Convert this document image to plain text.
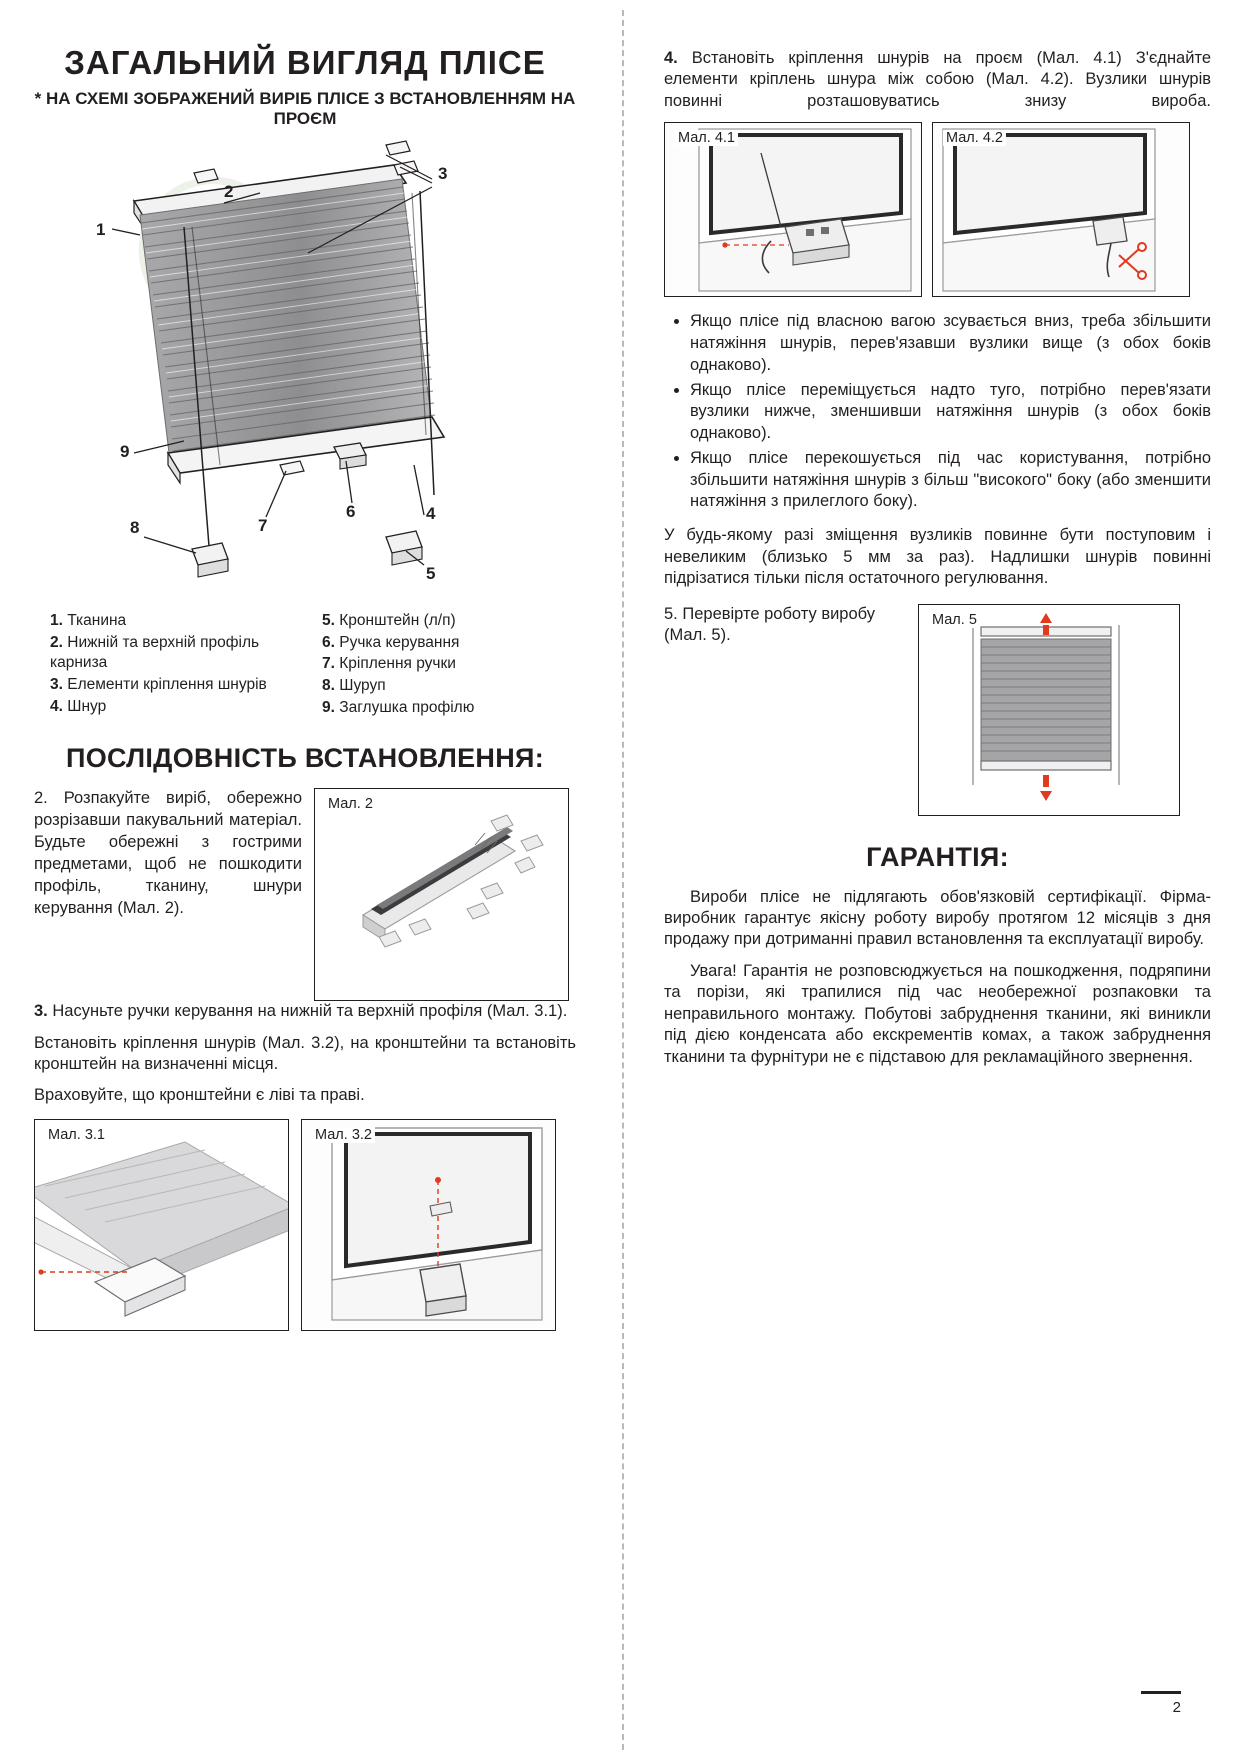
ЗАГАЛЬНИЙ ВИГЛЯД ПЛІСЕ
* НА СХЕМІ ЗОБРАЖЕНИЙ ВИРІБ ПЛІСЕ З ВСТАНОВЛЕННЯМ НА ПРОЄМ
1
2
3
9
8	7
6	4
5
1. Тканина
2. Нижній та верхній профіль карниза
3. Елементи кріплення шнурів
4. Шнур
5. Кронштейн (л/п)
6. Ручка керування
7. Кріплення ручки
8. Шуруп
9. Заглушка профілю
ПОСЛІДОВНІСТЬ ВСТАНОВЛЕННЯ:
2. Розпакуйте виріб, обережно розрізавши пакувальний матеріал. Будьте обережні з гострими предметами, щоб не пошкодити профіль, тканину, шнури керування (Мал. 2).
Мал. 2

3. Насуньте ручки керування на нижній та верхній профіля (Мал. 3.1).

Встановіть кріплення шнурів (Мал. 3.2), на кронштейни та встановіть кронштейн на визначенні місця.

Враховуйте, що кронштейни є ліві та праві.

Мал. 3.1	Мал. 3.2

4. Встановіть кріплення шнурів на проєм (Мал. 4.1) З'єднайте елементи кріплень шнура між собою (Мал. 4.2). Вузлики шнурів повинні розташовуватись знизу виробa.

Мал. 4.1	Мал. 4.2
• Якщо плісе під власною вагою зсувається вниз, треба збільшити натяжіння шнурів, перев'язавши вузлики вище (з обох боків однаково).
• Якщо плісе переміщується надто туго, потрібно перев'язати вузлики нижче, зменшивши натяжіння шнурів (з обох боків однаково).
• Якщо плісе перекошується під час користування, потрібно збільшити натяжіння шнурів з більш "високого" боку (або зменшити натяжіння з прилеглого боку).

У будь-якому разі зміщення вузликів повинне бути поступовим і невеликим (близько 5 мм за раз). Надлишки шнурів повинні підрізатися тільки після остаточного регулювання.

5. Перевірте роботу виробу (Мал. 5).
Мал. 5
ГАРАНТІЯ:

Вироби плісе не підлягають обов'язковій сертифікації. Фірма-виробник гарантує якісну роботу виробу протягом 12 місяців з дня продажу при дотриманні правил встановлення та експлуатації виробу.

Увага! Гарантія не розповсюджується на пошкодження, подряпини та порізи, які трапилися під час необережної розпаковки та неправильного монтажу. Побутові забруднення тканини, які виникли під дією конденсата або екскрементів комах, а також забруднення тканини та фурнітури не є підставою для рекламаційного звернення.

2
